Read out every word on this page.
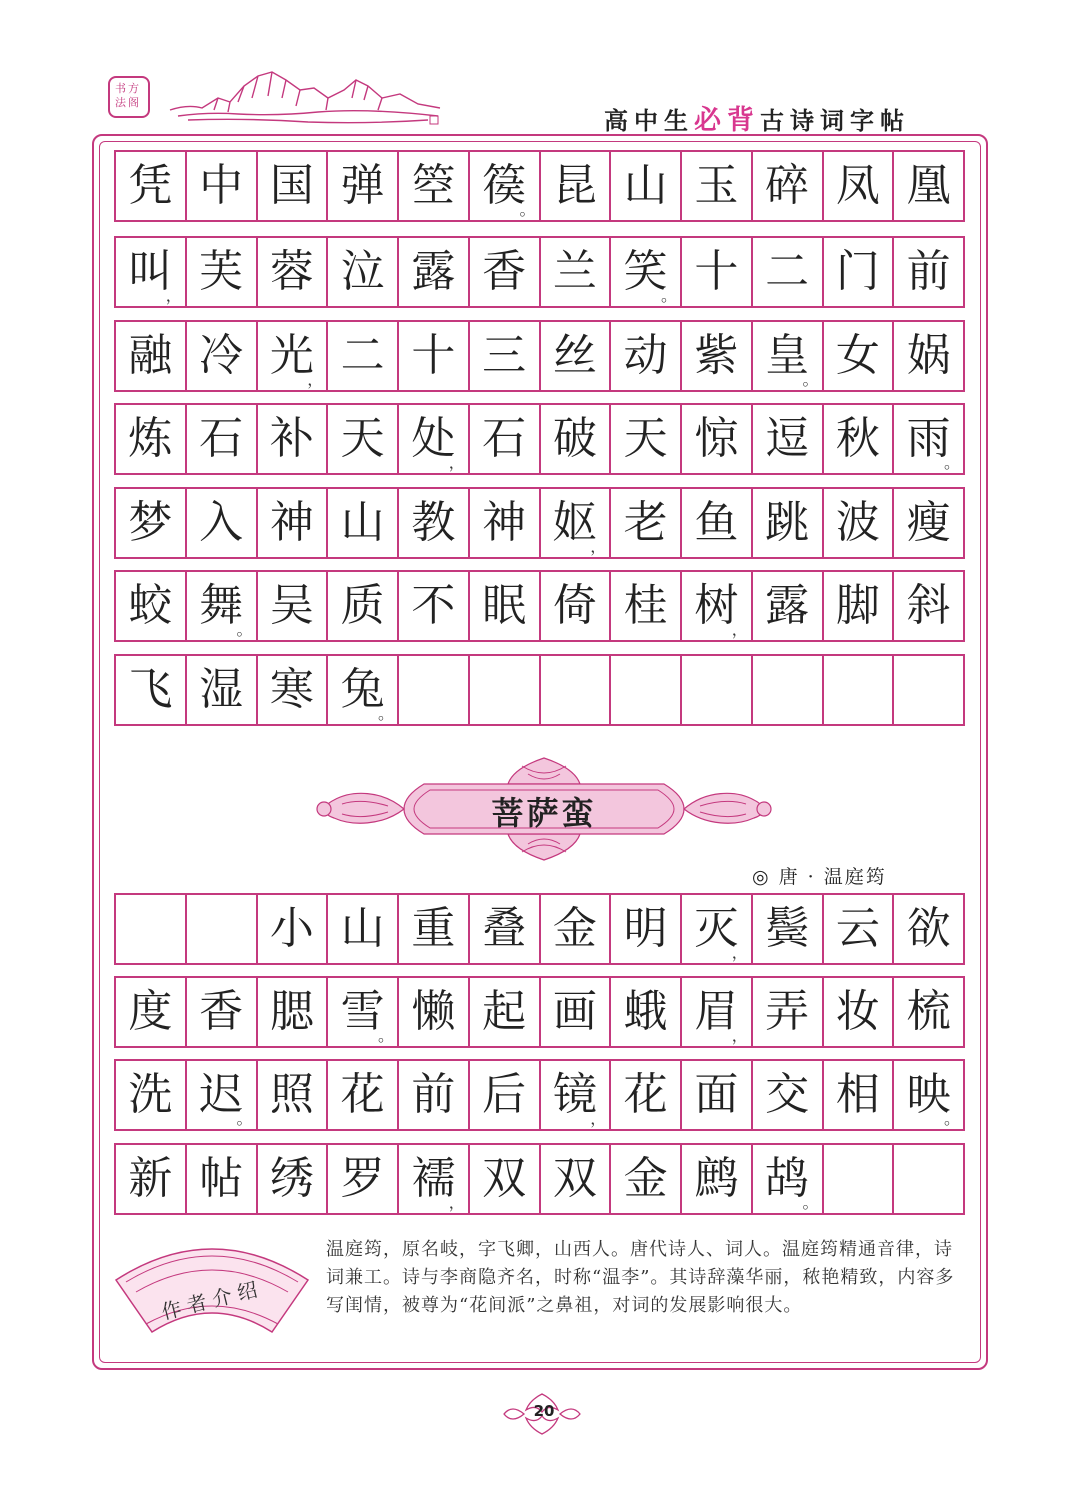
书方
法阁
高中生必背古诗词字帖
凭 中 国 弹 箜 篌
。 昆 山 玉 碎 凤 凰
叫
， 芙 蓉 泣 露 香 兰 笑
。 十 二 门 前
融 冷 光
， 二 十 三 丝 动 紫 皇
。 女 娲
炼 石 补 天 处
， 石 破 天 惊 逗 秋 雨
。
梦 入 神 山 教 神 妪
， 老 鱼 跳 波 瘦
蛟 舞
。 吴 质 不 眠 倚 桂 树
， 露 脚 斜
飞 湿 寒 兔
。
菩萨蛮
◎ 唐 · 温庭筠
小 山 重 叠 金 明 灭
， 鬓 云 欲
度 香 腮 雪
。 懒 起 画 蛾 眉
， 弄 妆 梳
洗 迟
。 照 花 前 后 镜
， 花 面 交 相 映
。
新 帖 绣 罗 襦
， 双 双 金 鹧 鸪
。
作者介绍
温庭筠，原名岐，字飞卿，山西人。唐代诗人、词人。温庭筠精通音律，诗词兼工。诗与李商隐齐名，时称“温李”。其诗辞藻华丽，秾艳精致，内容多写闺情，被尊为“花间派”之鼻祖，对词的发展影响很大。
20
